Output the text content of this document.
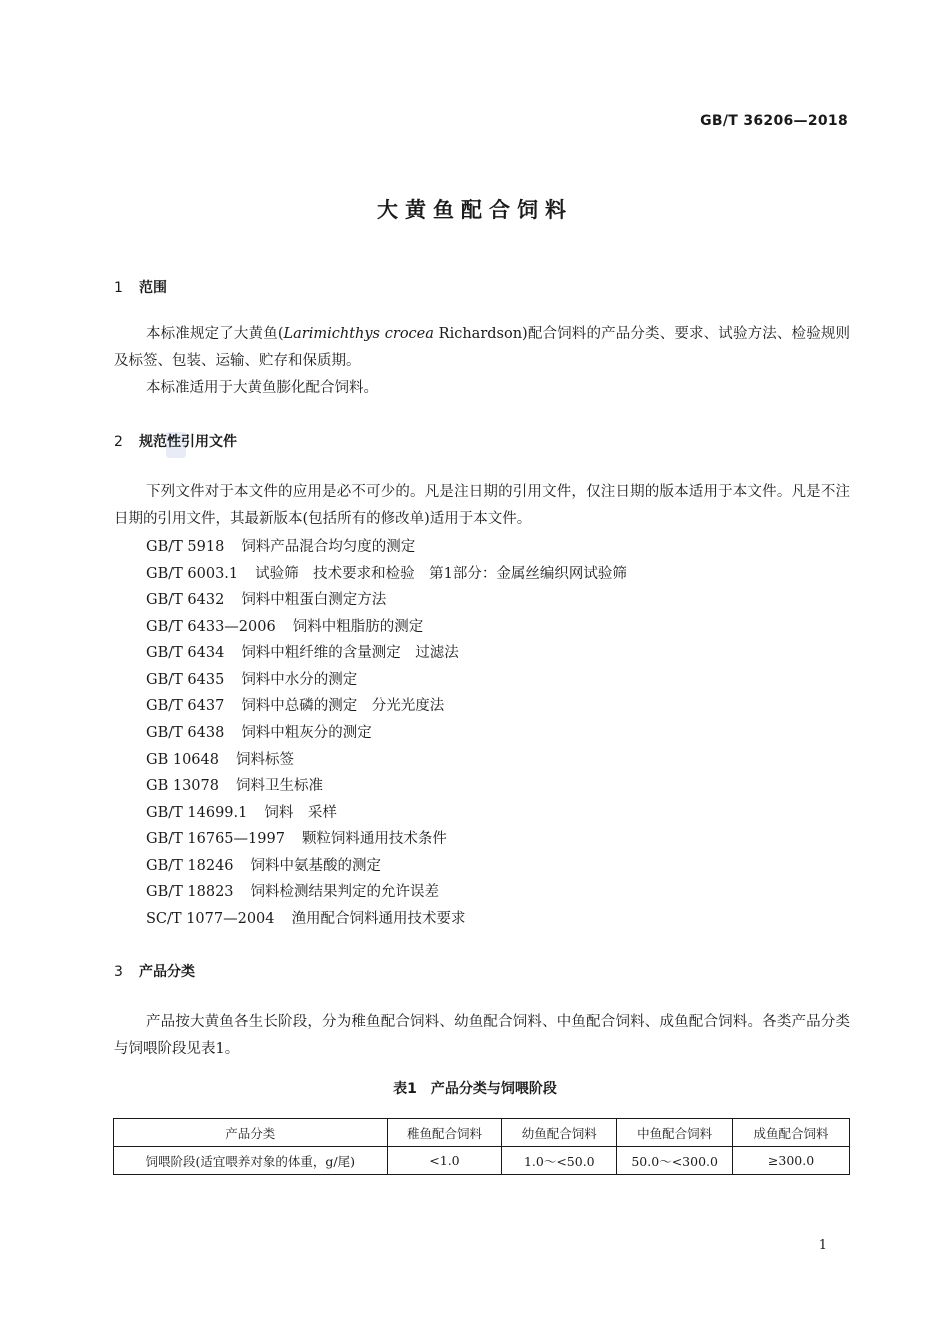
GB/T 36206—2018
大黄鱼配合饲料
1 范围

本标准规定了大黄鱼(Larimichthys crocea Richardson)配合饲料的产品分类、要求、试验方法、检验规则及标签、包装、运输、贮存和保质期。

本标准适用于大黄鱼膨化配合饲料。

2 规范性引用文件

下列文件对于本文件的应用是必不可少的。凡是注日期的引用文件，仅注日期的版本适用于本文件。凡是不注日期的引用文件，其最新版本(包括所有的修改单)适用于本文件。

GB/T 5918 饲料产品混合均匀度的测定
GB/T 6003.1 试验筛　技术要求和检验　第1部分：金属丝编织网试验筛
GB/T 6432 饲料中粗蛋白测定方法
GB/T 6433—2006 饲料中粗脂肪的测定
GB/T 6434 饲料中粗纤维的含量测定　过滤法
GB/T 6435 饲料中水分的测定
GB/T 6437 饲料中总磷的测定　分光光度法
GB/T 6438 饲料中粗灰分的测定
GB 10648 饲料标签
GB 13078 饲料卫生标准
GB/T 14699.1 饲料　采样
GB/T 16765—1997 颗粒饲料通用技术条件
GB/T 18246 饲料中氨基酸的测定
GB/T 18823 饲料检测结果判定的允许误差
SC/T 1077—2004 渔用配合饲料通用技术要求
3 产品分类

产品按大黄鱼各生长阶段，分为稚鱼配合饲料、幼鱼配合饲料、中鱼配合饲料、成鱼配合饲料。各类产品分类与饲喂阶段见表1。

表1　产品分类与饲喂阶段
产品分类	稚鱼配合饲料	幼鱼配合饲料	中鱼配合饲料	成鱼配合饲料
饲喂阶段(适宜喂养对象的体重，g/尾)	<1.0	1.0～<50.0	50.0～<300.0	≥300.0
1
